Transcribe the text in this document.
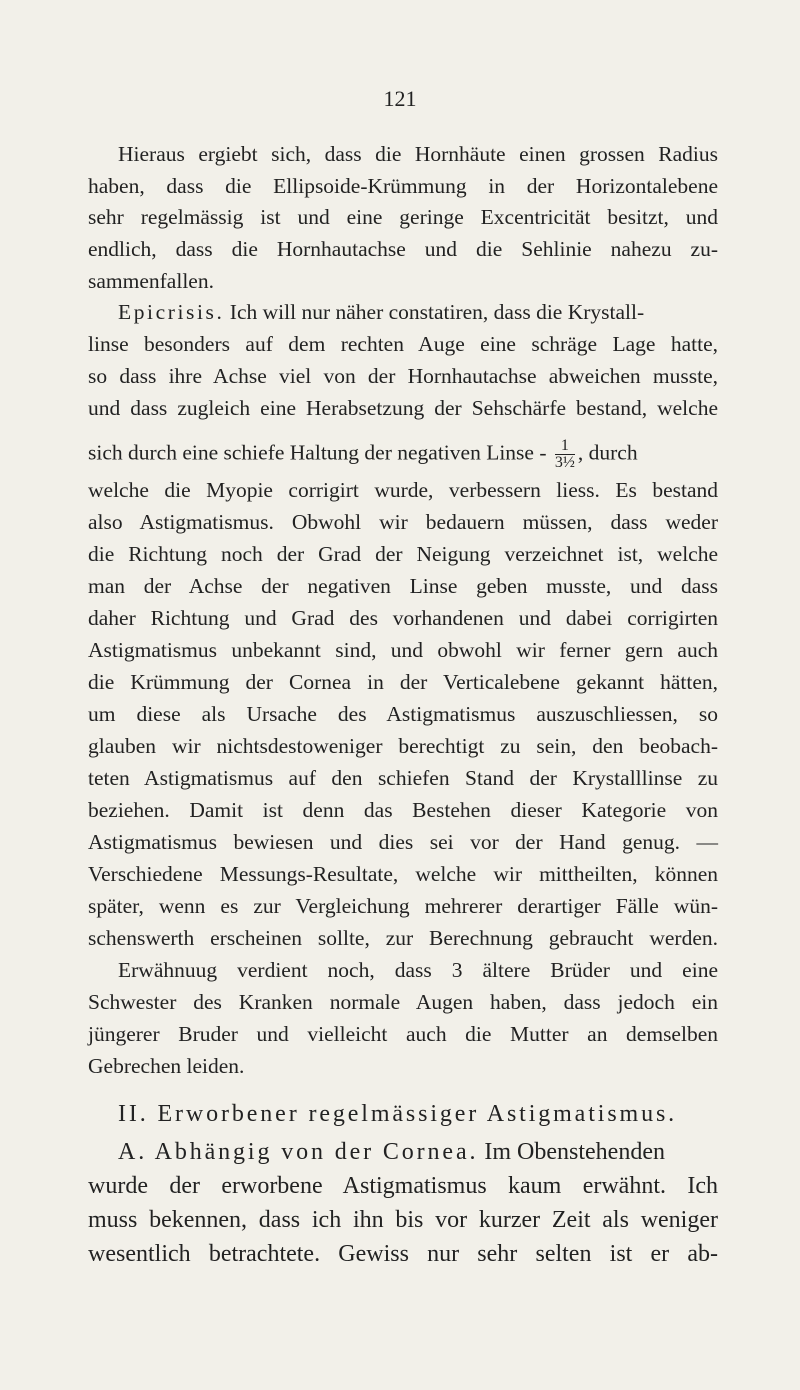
121
Hieraus ergiebt sich, dass die Hornhäute einen grossen Radius
haben, dass die Ellipsoide-Krümmung in der Horizontalebene
sehr regelmässig ist und eine geringe Excentricität besitzt, und
endlich, dass die Hornhautachse und die Sehlinie nahezu zu-
sammenfallen.
Epicrisis. Ich will nur näher constatiren, dass die Krystall-
linse besonders auf dem rechten Auge eine schräge Lage hatte,
so dass ihre Achse viel von der Hornhautachse abweichen musste,
und dass zugleich eine Herabsetzung der Sehschärfe bestand, welche
sich durch eine schiefe Haltung der negativen Linse - $\frac{1}{\text{3½}}$ , durch
welche die Myopie corrigirt wurde, verbessern liess. Es bestand
also Astigmatismus. Obwohl wir bedauern müssen, dass weder
die Richtung noch der Grad der Neigung verzeichnet ist, welche
man der Achse der negativen Linse geben musste, und dass
daher Richtung und Grad des vorhandenen und dabei corrigirten
Astigmatismus unbekannt sind, und obwohl wir ferner gern auch
die Krümmung der Cornea in der Verticalebene gekannt hätten,
um diese als Ursache des Astigmatismus auszuschliessen, so
glauben wir nichtsdestoweniger berechtigt zu sein, den beobach-
teten Astigmatismus auf den schiefen Stand der Krystalllinse zu
beziehen. Damit ist denn das Bestehen dieser Kategorie von
Astigmatismus bewiesen und dies sei vor der Hand genug. —
Verschiedene Messungs-Resultate, welche wir mittheilten, können
später, wenn es zur Vergleichung mehrerer derartiger Fälle wün-
schenswerth erscheinen sollte, zur Berechnung gebraucht werden.
Erwähnuug verdient noch, dass 3 ältere Brüder und eine
Schwester des Kranken normale Augen haben, dass jedoch ein
jüngerer Bruder und vielleicht auch die Mutter an demselben
Gebrechen leiden.
II. Erworbener regelmässiger Astigmatismus.
A. Abhängig von der Cornea. Im Obenstehenden
wurde der erworbene Astigmatismus kaum erwähnt. Ich
muss bekennen, dass ich ihn bis vor kurzer Zeit als weniger
wesentlich betrachtete. Gewiss nur sehr selten ist er ab-
